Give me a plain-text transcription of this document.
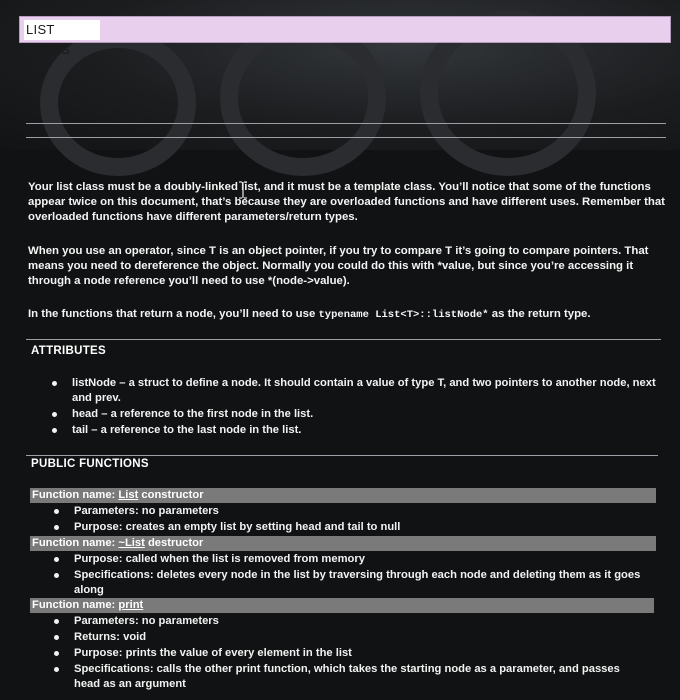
LIST CLASS
Your list class must be a doubly-linked list, and it must be a template class. You’ll notice that some of the functions appear twice on this document, that’s because they are overloaded functions and have different uses. Remember that overloaded functions have different parameters/return types.
When you use an operator, since T is an object pointer, if you try to compare T it’s going to compare pointers. That means you need to dereference the object. Normally you could do this with *value, but since you’re accessing it through a node reference you’ll need to use *(node->value).
In the functions that return a node, you’ll need to use typename List<T>::listNode* as the return type.
ATTRIBUTES
listNode – a struct to define a node. It should contain a value of type T, and two pointers to another node, next and prev.
head – a reference to the first node in the list.
tail – a reference to the last node in the list.
PUBLIC FUNCTIONS
Function name: List constructor
Parameters: no parameters
Purpose: creates an empty list by setting head and tail to null
Function name: ~List destructor
Purpose: called when the list is removed from memory
Specifications: deletes every node in the list by traversing through each node and deleting them as it goes along
Function name: print
Parameters: no parameters
Returns: void
Purpose: prints the value of every element in the list
Specifications: calls the other print function, which takes the starting node as a parameter, and passes head as an argument
